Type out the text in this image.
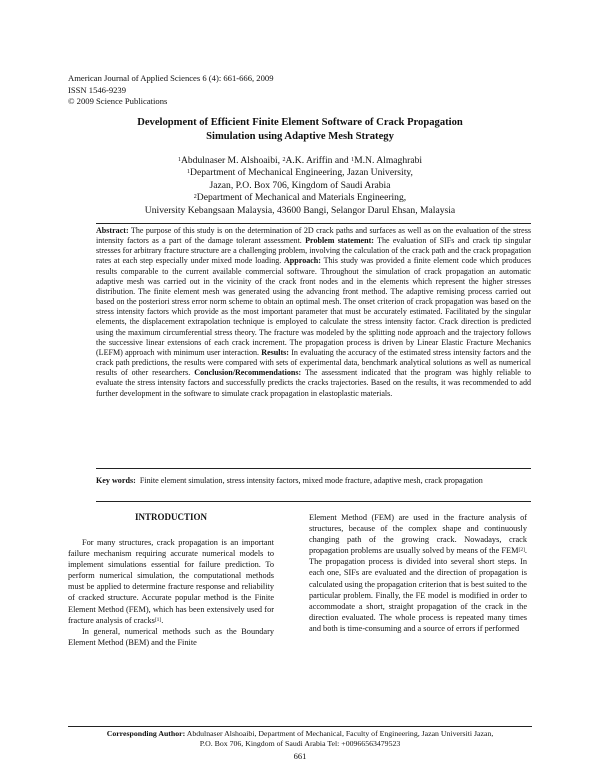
American Journal of Applied Sciences 6 (4): 661-666, 2009
ISSN 1546-9239
© 2009 Science Publications
Development of Efficient Finite Element Software of Crack Propagation
Simulation using Adaptive Mesh Strategy
$^1$Abdulnaser M. Alshoaibi, $^2$A.K. Ariffin and $^1$M.N. Almaghrabi
$^1$Department of Mechanical Engineering, Jazan University,
Jazan, P.O. Box 706, Kingdom of Saudi Arabia
$^2$Department of Mechanical and Materials Engineering,
University Kebangsaan Malaysia, 43600 Bangi, Selangor Darul Ehsan, Malaysia
Abstract: The purpose of this study is on the determination of 2D crack paths and surfaces as well as on the evaluation of the stress intensity factors as a part of the damage tolerant assessment. Problem statement: The evaluation of SIFs and crack tip singular stresses for arbitrary fracture structure are a challenging problem, involving the calculation of the crack path and the crack propagation rates at each step especially under mixed mode loading. Approach: This study was provided a finite element code which produces results comparable to the current available commercial software. Throughout the simulation of crack propagation an automatic adaptive mesh was carried out in the vicinity of the crack front nodes and in the elements which represent the higher stresses distribution. The finite element mesh was generated using the advancing front method. The adaptive remising process carried out based on the posteriori stress error norm scheme to obtain an optimal mesh. The onset criterion of crack propagation was based on the stress intensity factors which provide as the most important parameter that must be accurately estimated. Facilitated by the singular elements, the displacement extrapolation technique is employed to calculate the stress intensity factor. Crack direction is predicted using the maximum circumferential stress theory. The fracture was modeled by the splitting node approach and the trajectory follows the successive linear extensions of each crack increment. The propagation process is driven by Linear Elastic Fracture Mechanics (LEFM) approach with minimum user interaction. Results: In evaluating the accuracy of the estimated stress intensity factors and the crack path predictions, the results were compared with sets of experimental data, benchmark analytical solutions as well as numerical results of other researchers. Conclusion/Recommendations: The assessment indicated that the program was highly reliable to evaluate the stress intensity factors and successfully predicts the cracks trajectories. Based on the results, it was recommended to add further development in the software to simulate crack propagation in elastoplastic materials.
Key words: Finite element simulation, stress intensity factors, mixed mode fracture, adaptive mesh, crack propagation
INTRODUCTION

For many structures, crack propagation is an important failure mechanism requiring accurate numerical models to implement simulations essential for failure prediction. To perform numerical simulation, the computational methods must be applied to determine fracture response and reliability of cracked structure. Accurate popular method is the Finite Element Method (FEM), which has been extensively used for fracture analysis of cracks[1].

In general, numerical methods such as the Boundary Element Method (BEM) and the Finite

Element Method (FEM) are used in the fracture analysis of structures, because of the complex shape and continuously changing path of the growing crack. Nowadays, crack propagation problems are usually solved by means of the FEM[2]. The propagation process is divided into several short steps. In each one, SIFs are evaluated and the direction of propagation is calculated using the propagation criterion that is best suited to the particular problem. Finally, the FE model is modified in order to accommodate a short, straight propagation of the crack in the direction evaluated. The whole process is repeated many times and both is time-consuming and a source of errors if performed

Corresponding Author: Abdulnaser Alshoaibi, Department of Mechanical, Faculty of Engineering, Jazan Universiti Jazan,
P.O. Box 706, Kingdom of Saudi Arabia Tel: +00966563479523
661
